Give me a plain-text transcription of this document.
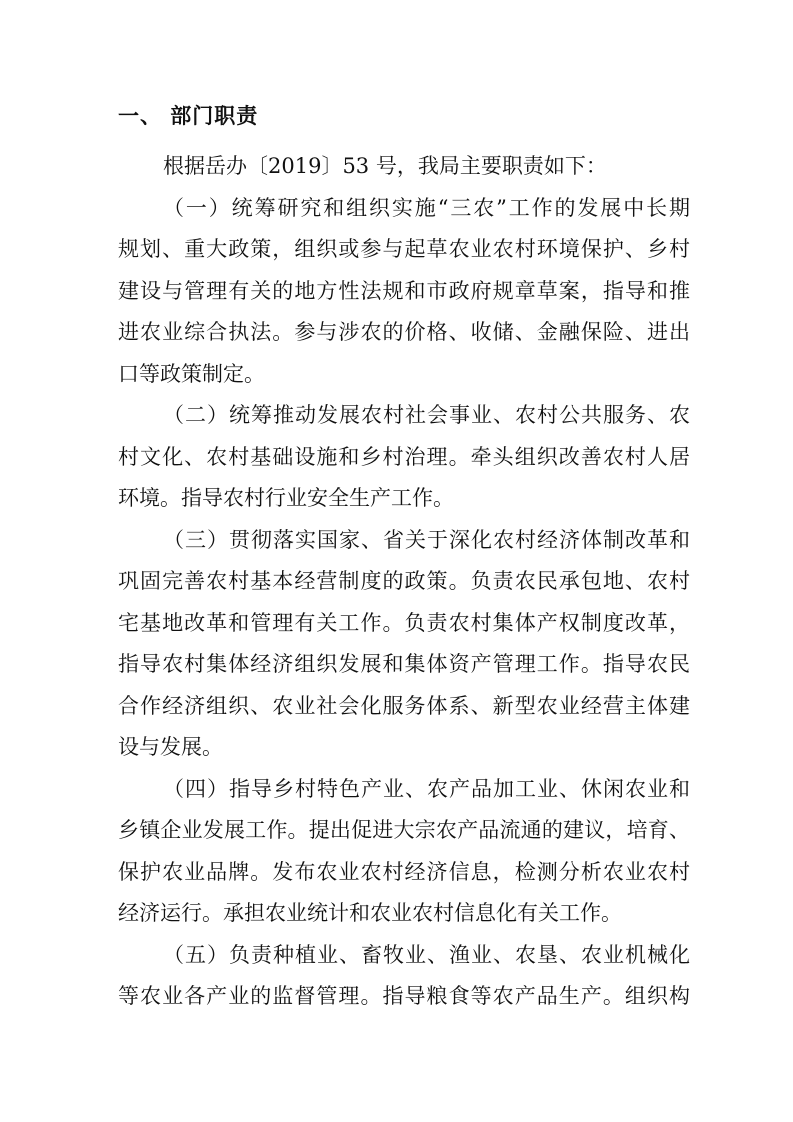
一、 部门职责
根据岳办〔2019〕53 号，我局主要职责如下：
（一）统筹研究和组织实施“三农”工作的发展中长期
规划、重大政策，组织或参与起草农业农村环境保护、乡村
建设与管理有关的地方性法规和市政府规章草案，指导和推
进农业综合执法。参与涉农的价格、收储、金融保险、进出
口等政策制定。
（二）统筹推动发展农村社会事业、农村公共服务、农
村文化、农村基础设施和乡村治理。牵头组织改善农村人居
环境。指导农村行业安全生产工作。
（三）贯彻落实国家、省关于深化农村经济体制改革和
巩固完善农村基本经营制度的政策。负责农民承包地、农村
宅基地改革和管理有关工作。负责农村集体产权制度改革，
指导农村集体经济组织发展和集体资产管理工作。指导农民
合作经济组织、农业社会化服务体系、新型农业经营主体建
设与发展。
（四）指导乡村特色产业、农产品加工业、休闲农业和
乡镇企业发展工作。提出促进大宗农产品流通的建议，培育、
保护农业品牌。发布农业农村经济信息，检测分析农业农村
经济运行。承担农业统计和农业农村信息化有关工作。
（五）负责种植业、畜牧业、渔业、农垦、农业机械化
等农业各产业的监督管理。指导粮食等农产品生产。组织构
